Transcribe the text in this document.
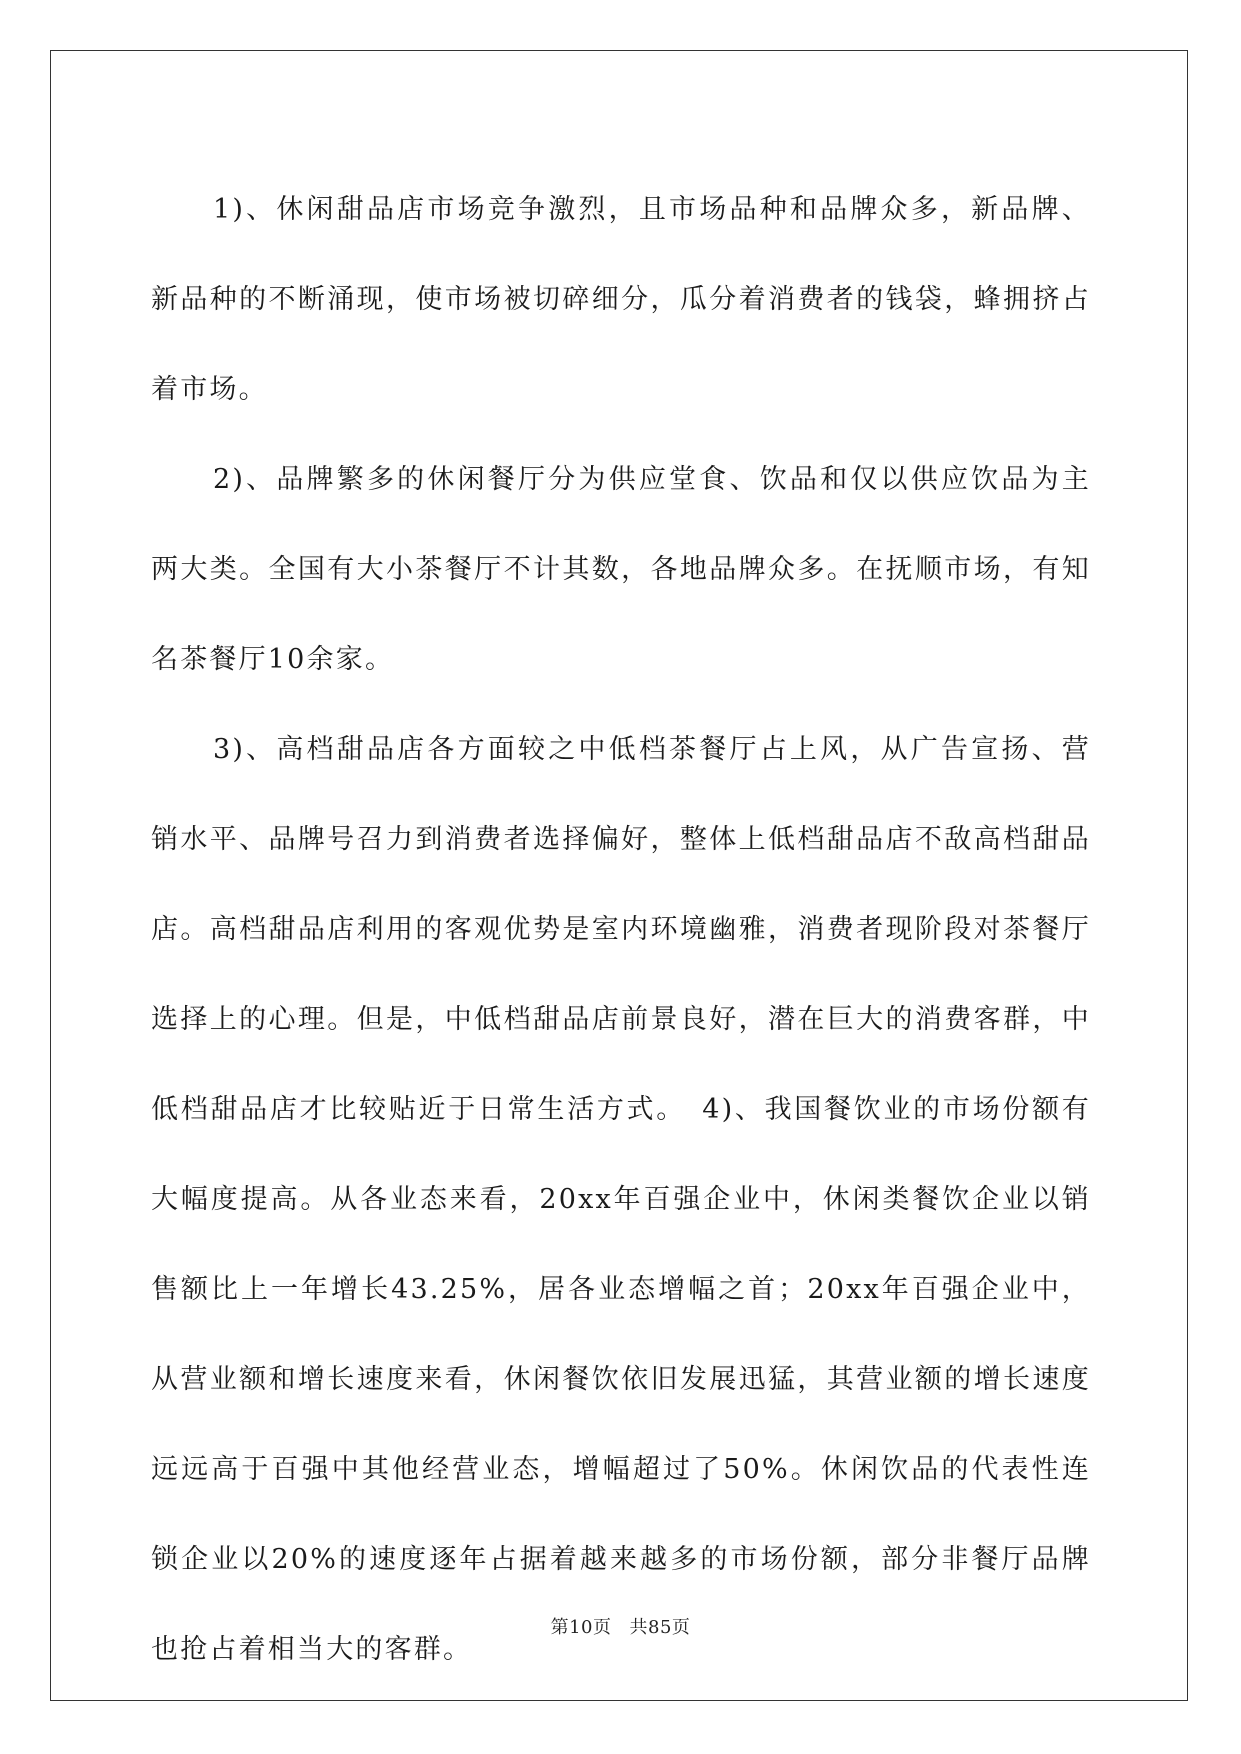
1)、休闲甜品店市场竞争激烈，且市场品种和品牌众多，新品牌、新品种的不断涌现，使市场被切碎细分，瓜分着消费者的钱袋，蜂拥挤占着市场。

2)、品牌繁多的休闲餐厅分为供应堂食、饮品和仅以供应饮品为主两大类。全国有大小茶餐厅不计其数，各地品牌众多。在抚顺市场，有知名茶餐厅10余家。

3)、高档甜品店各方面较之中低档茶餐厅占上风，从广告宣扬、营销水平、品牌号召力到消费者选择偏好，整体上低档甜品店不敌高档甜品店。高档甜品店利用的客观优势是室内环境幽雅，消费者现阶段对茶餐厅选择上的心理。但是，中低档甜品店前景良好，潜在巨大的消费客群，中低档甜品店才比较贴近于日常生活方式。　4)、我国餐饮业的市场份额有大幅度提高。从各业态来看，20xx年百强企业中，休闲类餐饮企业以销售额比上一年增长43.25%，居各业态增幅之首；20xx年百强企业中，从营业额和增长速度来看，休闲餐饮依旧发展迅猛，其营业额的增长速度远远高于百强中其他经营业态，增幅超过了50%。休闲饮品的代表性连锁企业以20%的速度逐年占据着越来越多的市场份额，部分非餐厅品牌也抢占着相当大的客群。

第10页 共85页
